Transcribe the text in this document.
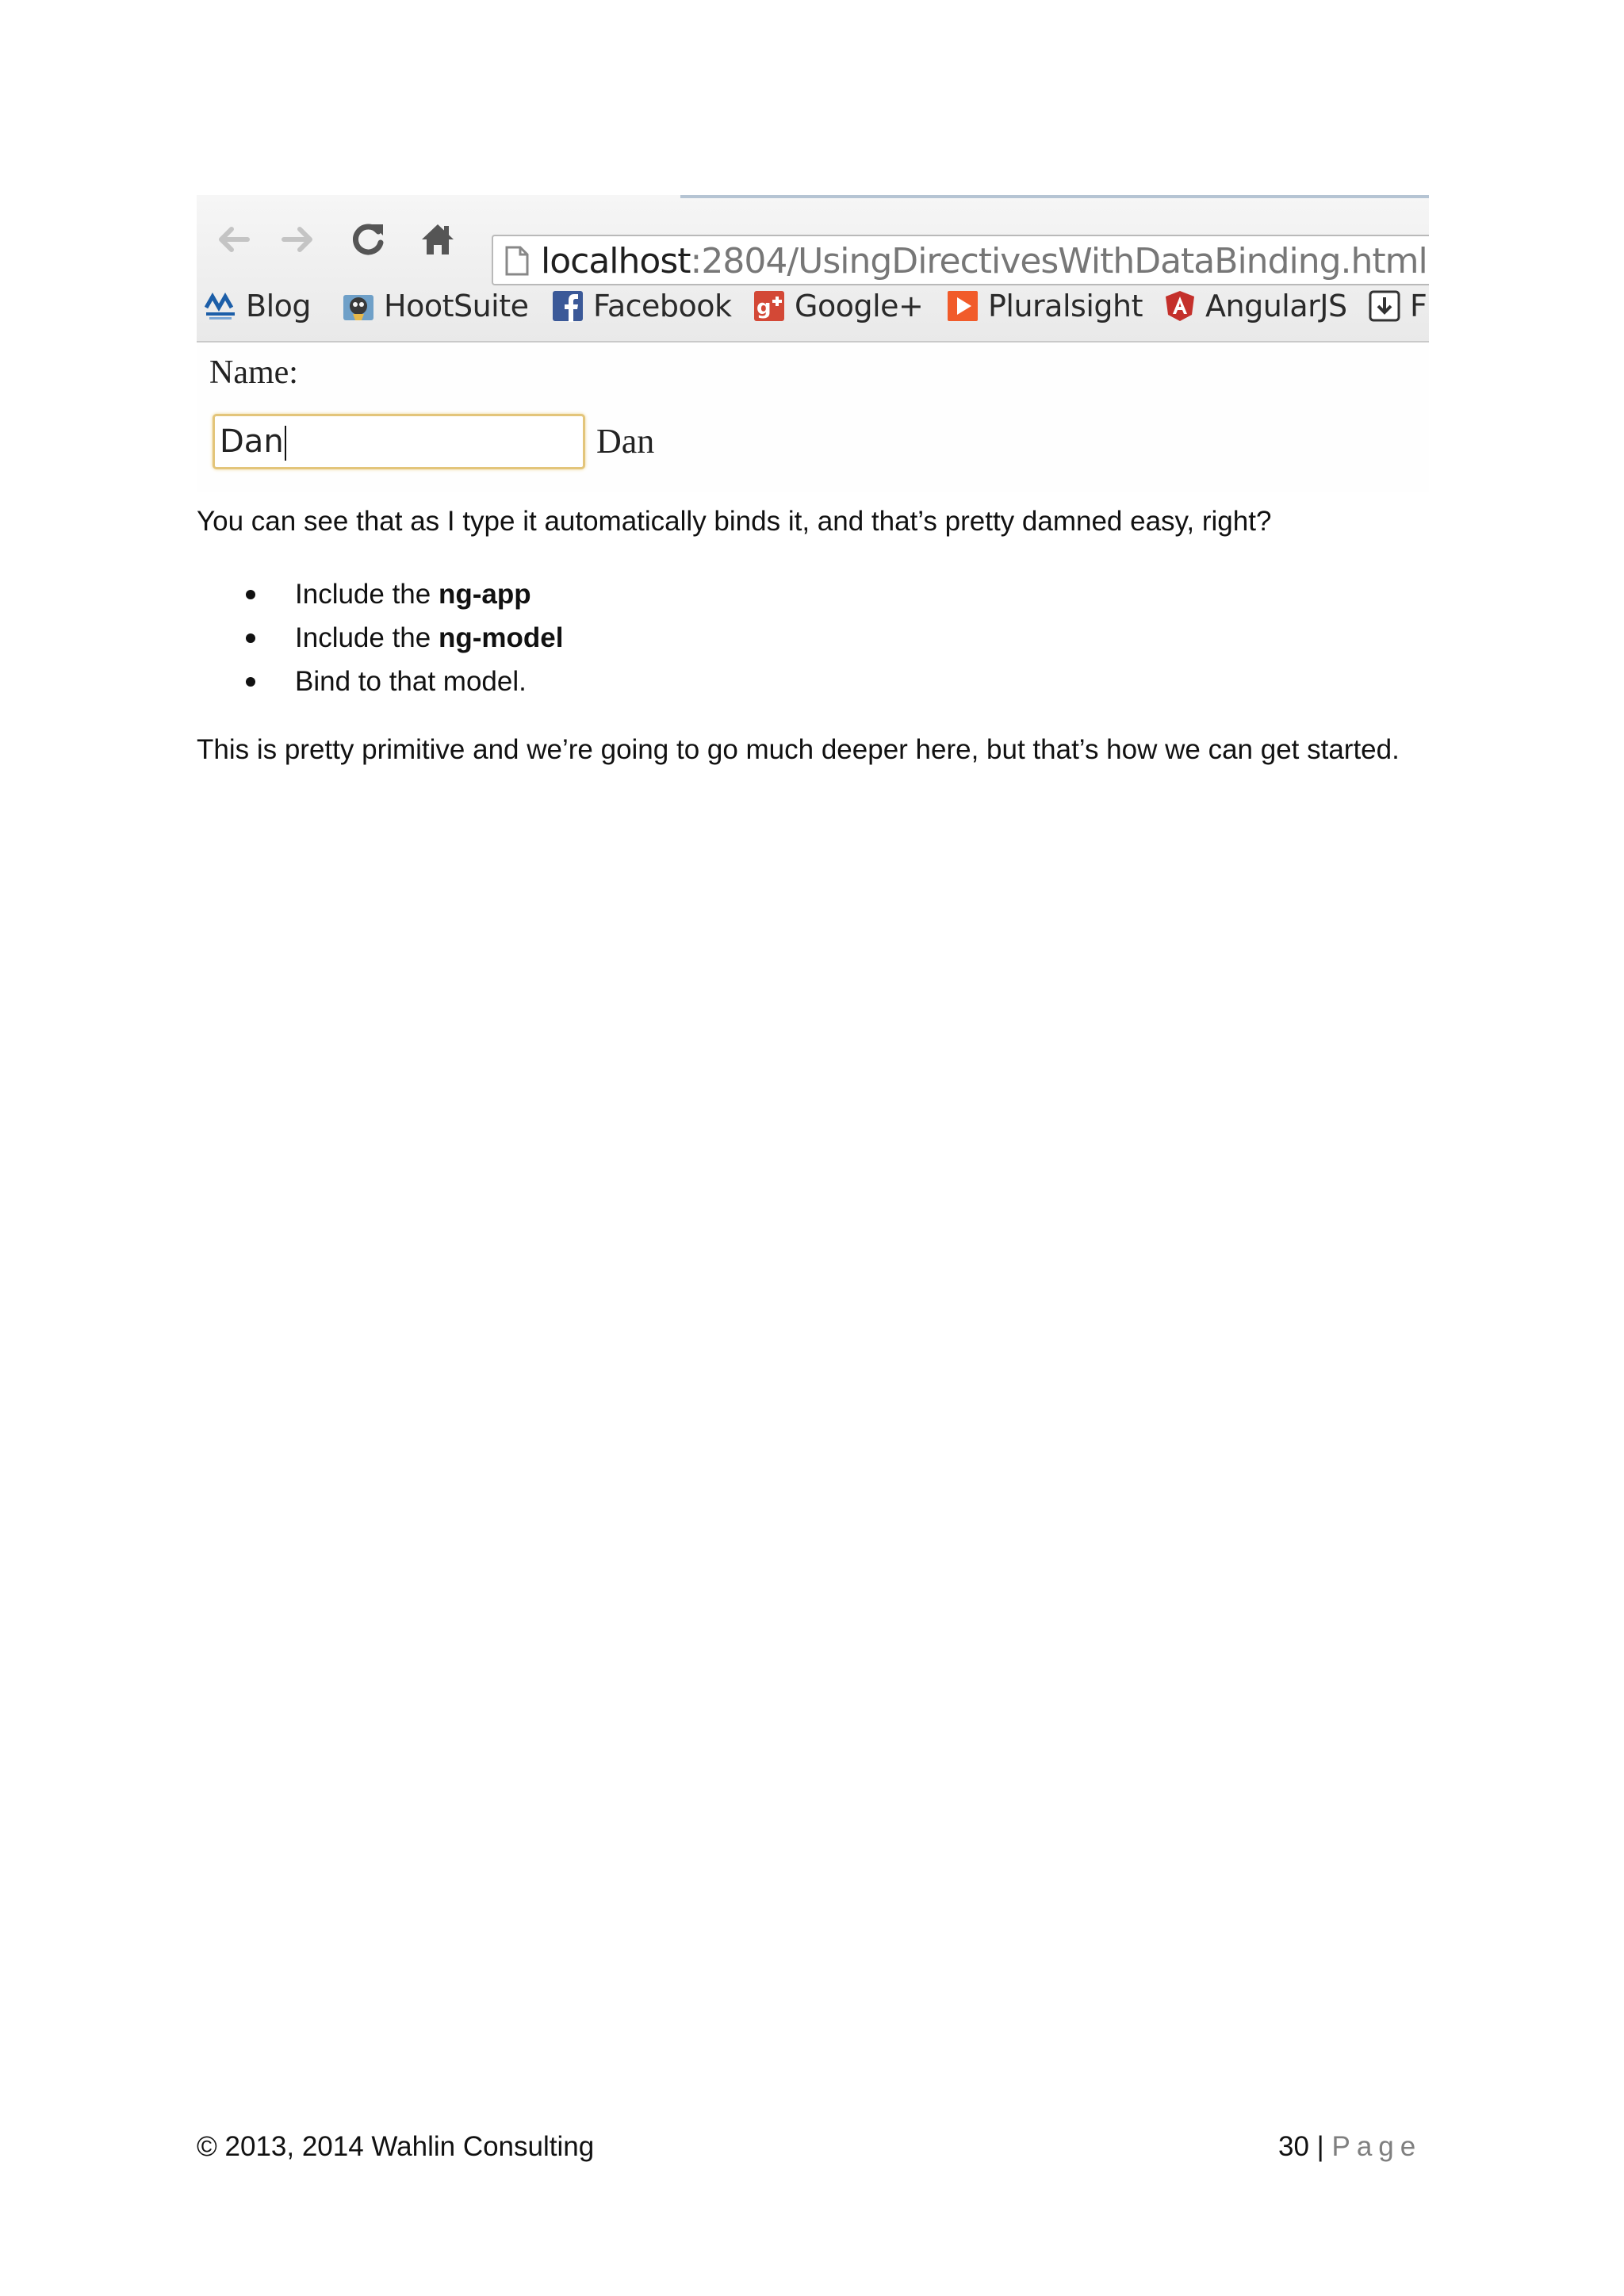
localhost:2804/UsingDirectivesWithDataBinding.html
Blog HootSuite Facebook g Google+ Pluralsight AngularJS F
Name:
Dan	Dan
You can see that as I type it automatically binds it, and that’s pretty damned easy, right?
Include the ng-app
Include the ng-model
Bind to that model.
This is pretty primitive and we’re going to go much deeper here, but that’s how we can get started.
© 2013, 2014 Wahlin Consulting	30 | Page
